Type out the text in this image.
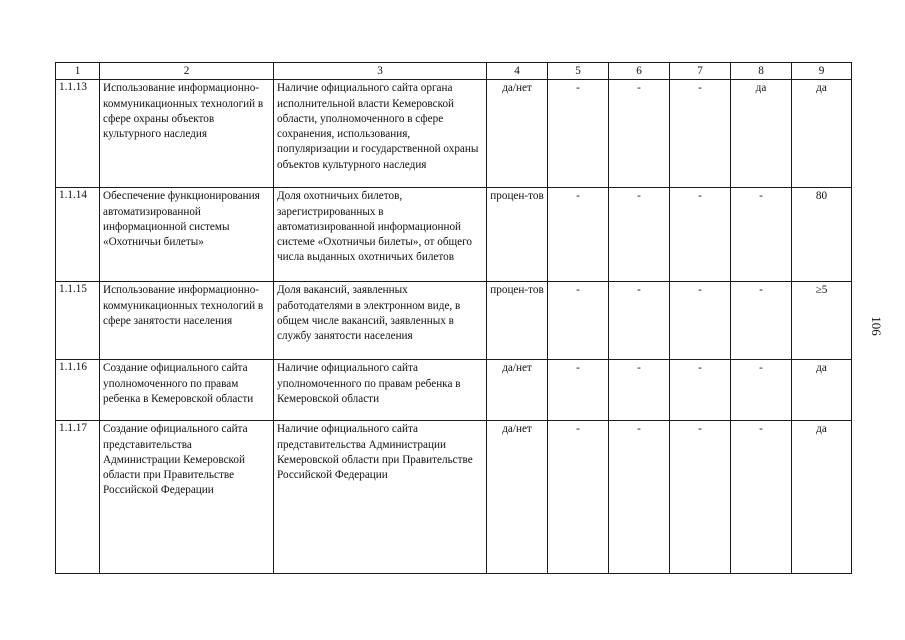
1	2	3	4	5	6	7	8	9
1.1.13	Использование информационно-коммуникационных технологий в сфере охраны объектов культурного наследия	Наличие официального сайта органа исполнительной власти Кемеровской области, уполномоченного в сфере сохранения, использования, популяризации и государственной охраны объектов культурного наследия	да/нет	-	-	-	да	да
1.1.14	Обеспечение функционирования автоматизированной информационной системы «Охотничьи билеты»	Доля охотничьих билетов, зарегистрированных в автоматизированной информационной системе «Охотничьи билеты», от общего числа выданных охотничьих билетов	процен-тов	-	-	-	-	80
1.1.15	Использование информационно-коммуникационных технологий в сфере занятости населения	Доля вакансий, заявленных работодателями в электронном виде, в общем числе вакансий, заявленных в службу занятости населения	процен-тов	-	-	-	-	≥5
1.1.16	Создание официального сайта уполномоченного по правам ребенка в Кемеровской области	Наличие официального сайта уполномоченного по правам ребенка в Кемеровской области	да/нет	-	-	-	-	да
1.1.17	Создание официального сайта представительства Администрации Кемеровской области при Правительстве Российской Федерации	Наличие официального сайта представительства Администрации Кемеровской области при Правительстве Российской Федерации	да/нет	-	-	-	-	да
106
